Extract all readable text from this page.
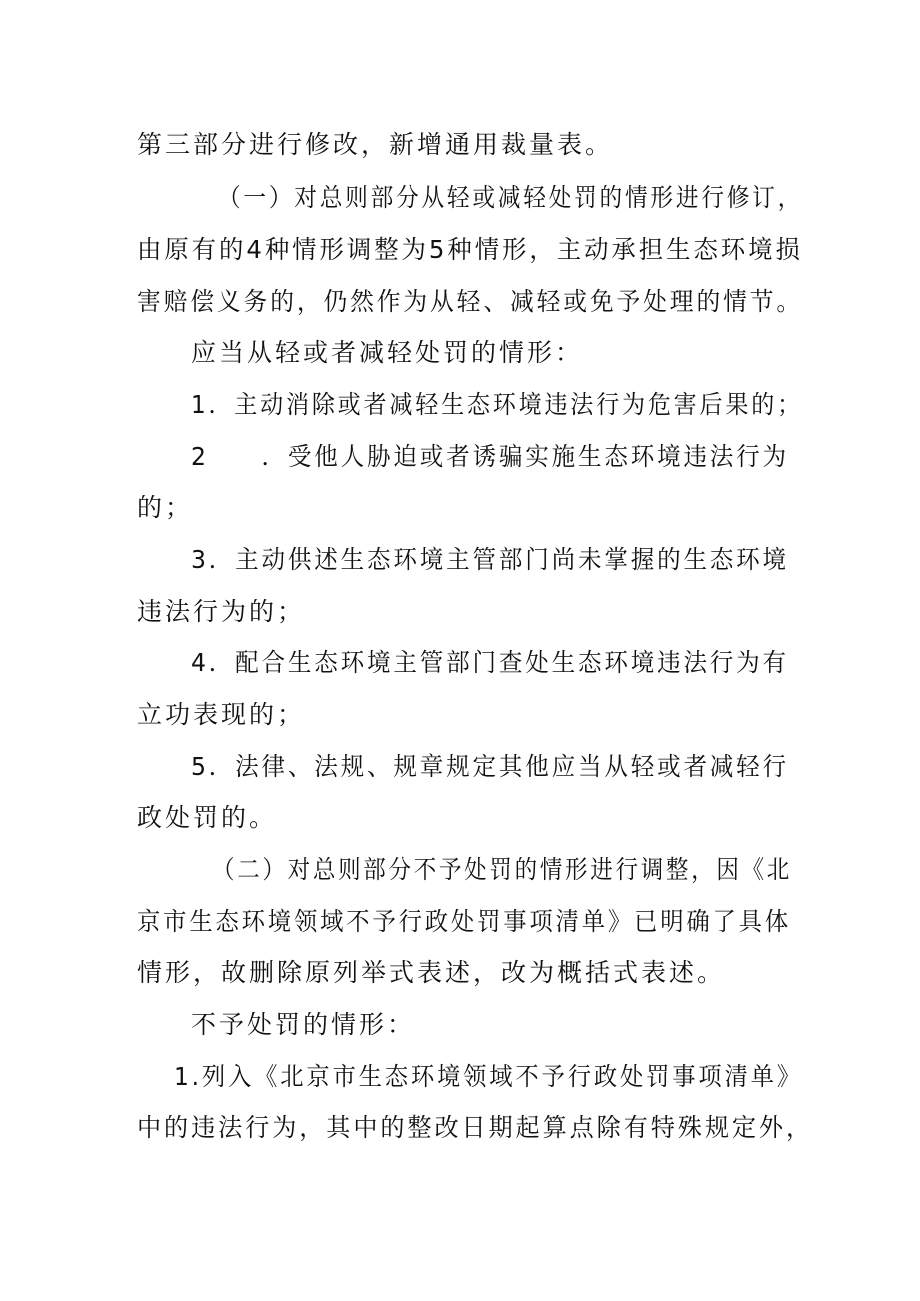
第三部分进行修改，新增通用裁量表。
（一）对总则部分从轻或减轻处罚的情形进行修订，
由原有的4种情形调整为5种情形，主动承担生态环境损
害赔偿义务的，仍然作为从轻、减轻或免予处理的情节。
应当从轻或者减轻处罚的情形：
1．主动消除或者减轻生态环境违法行为危害后果的；
2　　．受他人胁迫或者诱骗实施生态环境违法行为
的；
3．主动供述生态环境主管部门尚未掌握的生态环境
违法行为的；
4．配合生态环境主管部门查处生态环境违法行为有
立功表现的；
5．法律、法规、规章规定其他应当从轻或者减轻行
政处罚的。
（二）对总则部分不予处罚的情形进行调整，因《北
京市生态环境领域不予行政处罚事项清单》已明确了具体
情形，故删除原列举式表述，改为概括式表述。
不予处罚的情形：
1.列入《北京市生态环境领域不予行政处罚事项清单》
中的违法行为，其中的整改日期起算点除有特殊规定外，
